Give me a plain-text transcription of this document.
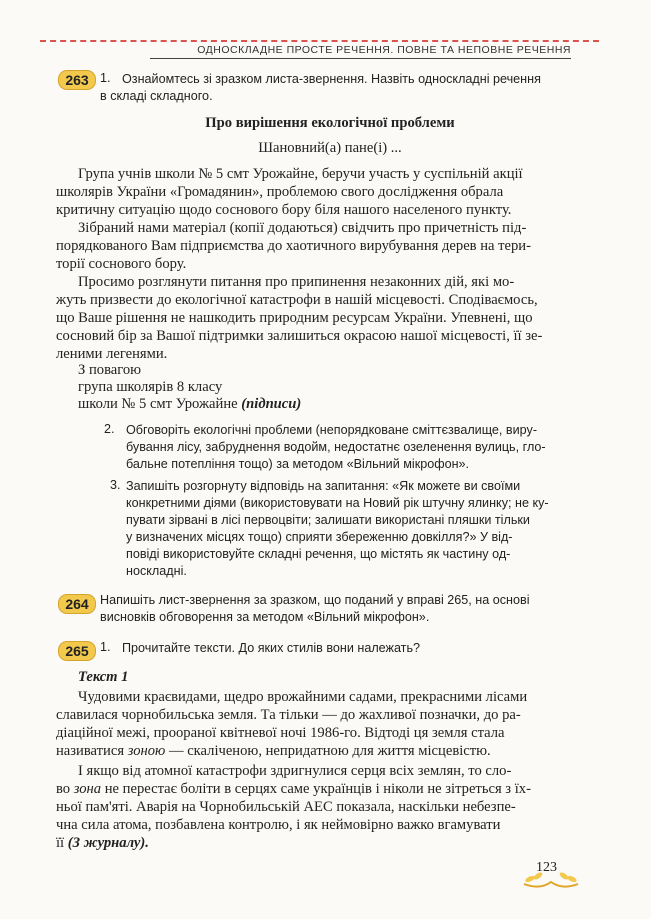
ОДНОСКЛАДНЕ ПРОСТЕ РЕЧЕННЯ. ПОВНЕ ТА НЕПОВНЕ РЕЧЕННЯ
263 1. Ознайомтесь зі зразком листа-звернення. Назвіть односкладні речення
в складі складного.
Про вирішення екологічної проблеми
Шановний(а) пане(і) ...
Група учнів школи № 5 смт Урожайне, беручи участь у суспільній акції
школярів України «Громадянин», проблемою свого дослідження обрала
критичну ситуацію щодо соснового бору біля нашого населеного пункту.
Зібраний нами матеріал (копії додаються) свідчить про причетність під-
порядкованого Вам підприємства до хаотичного вирубування дерев на тери-
торії соснового бору.
Просимо розглянути питання про припинення незаконних дій, які мо-
жуть призвести до екологічної катастрофи в нашій місцевості. Сподіваємось,
що Ваше рішення не нашкодить природним ресурсам України. Упевнені, що
сосновий бір за Вашої підтримки залишиться окрасою нашої місцевості, її зе-
леними легенями.
З повагою
група школярів 8 класу
школи № 5 смт Урожайне (підписи)
2. Обговоріть екологічні проблеми (непорядковане сміттєзвалище, виру-
бування лісу, забруднення водойм, недостатнє озеленення вулиць, гло-
бальне потепління тощо) за методом «Вільний мікрофон».
3. Запишіть розгорнуту відповідь на запитання: «Як можете ви своїми
конкретними діями (використовувати на Новий рік штучну ялинку; не ку-
пувати зірвані в лісі первоцвіти; залишати використані пляшки тільки
у визначених місцях тощо) сприяти збереженню довкілля?» У від-
повіді використовуйте складні речення, що містять як частину од-
носкладні.
264 Напишіть лист-звернення за зразком, що поданий у вправі 265, на основі
висновків обговорення за методом «Вільний мікрофон».
265 1. Прочитайте тексти. До яких стилів вони належать?
Текст 1
Чудовими краєвидами, щедро врожайними садами, прекрасними лісами
славилася чорнобильська земля. Та тільки — до жахливої позначки, до ра-
діаційної межі, проораної квітневої ночі 1986-го. Відтоді ця земля стала
називатися зоною — скаліченою, непридатною для життя місцевістю.
І якщо від атомної катастрофи здригнулися серця всіх землян, то сло-
во зона не перестає боліти в серцях саме українців і ніколи не зітреться з їх-
ньої пам'яті. Аварія на Чорнобильській АЕС показала, наскільки небезпе-
чна сила атома, позбавлена контролю, і як неймовірно важко вгамувати
її (З журналу).
123
